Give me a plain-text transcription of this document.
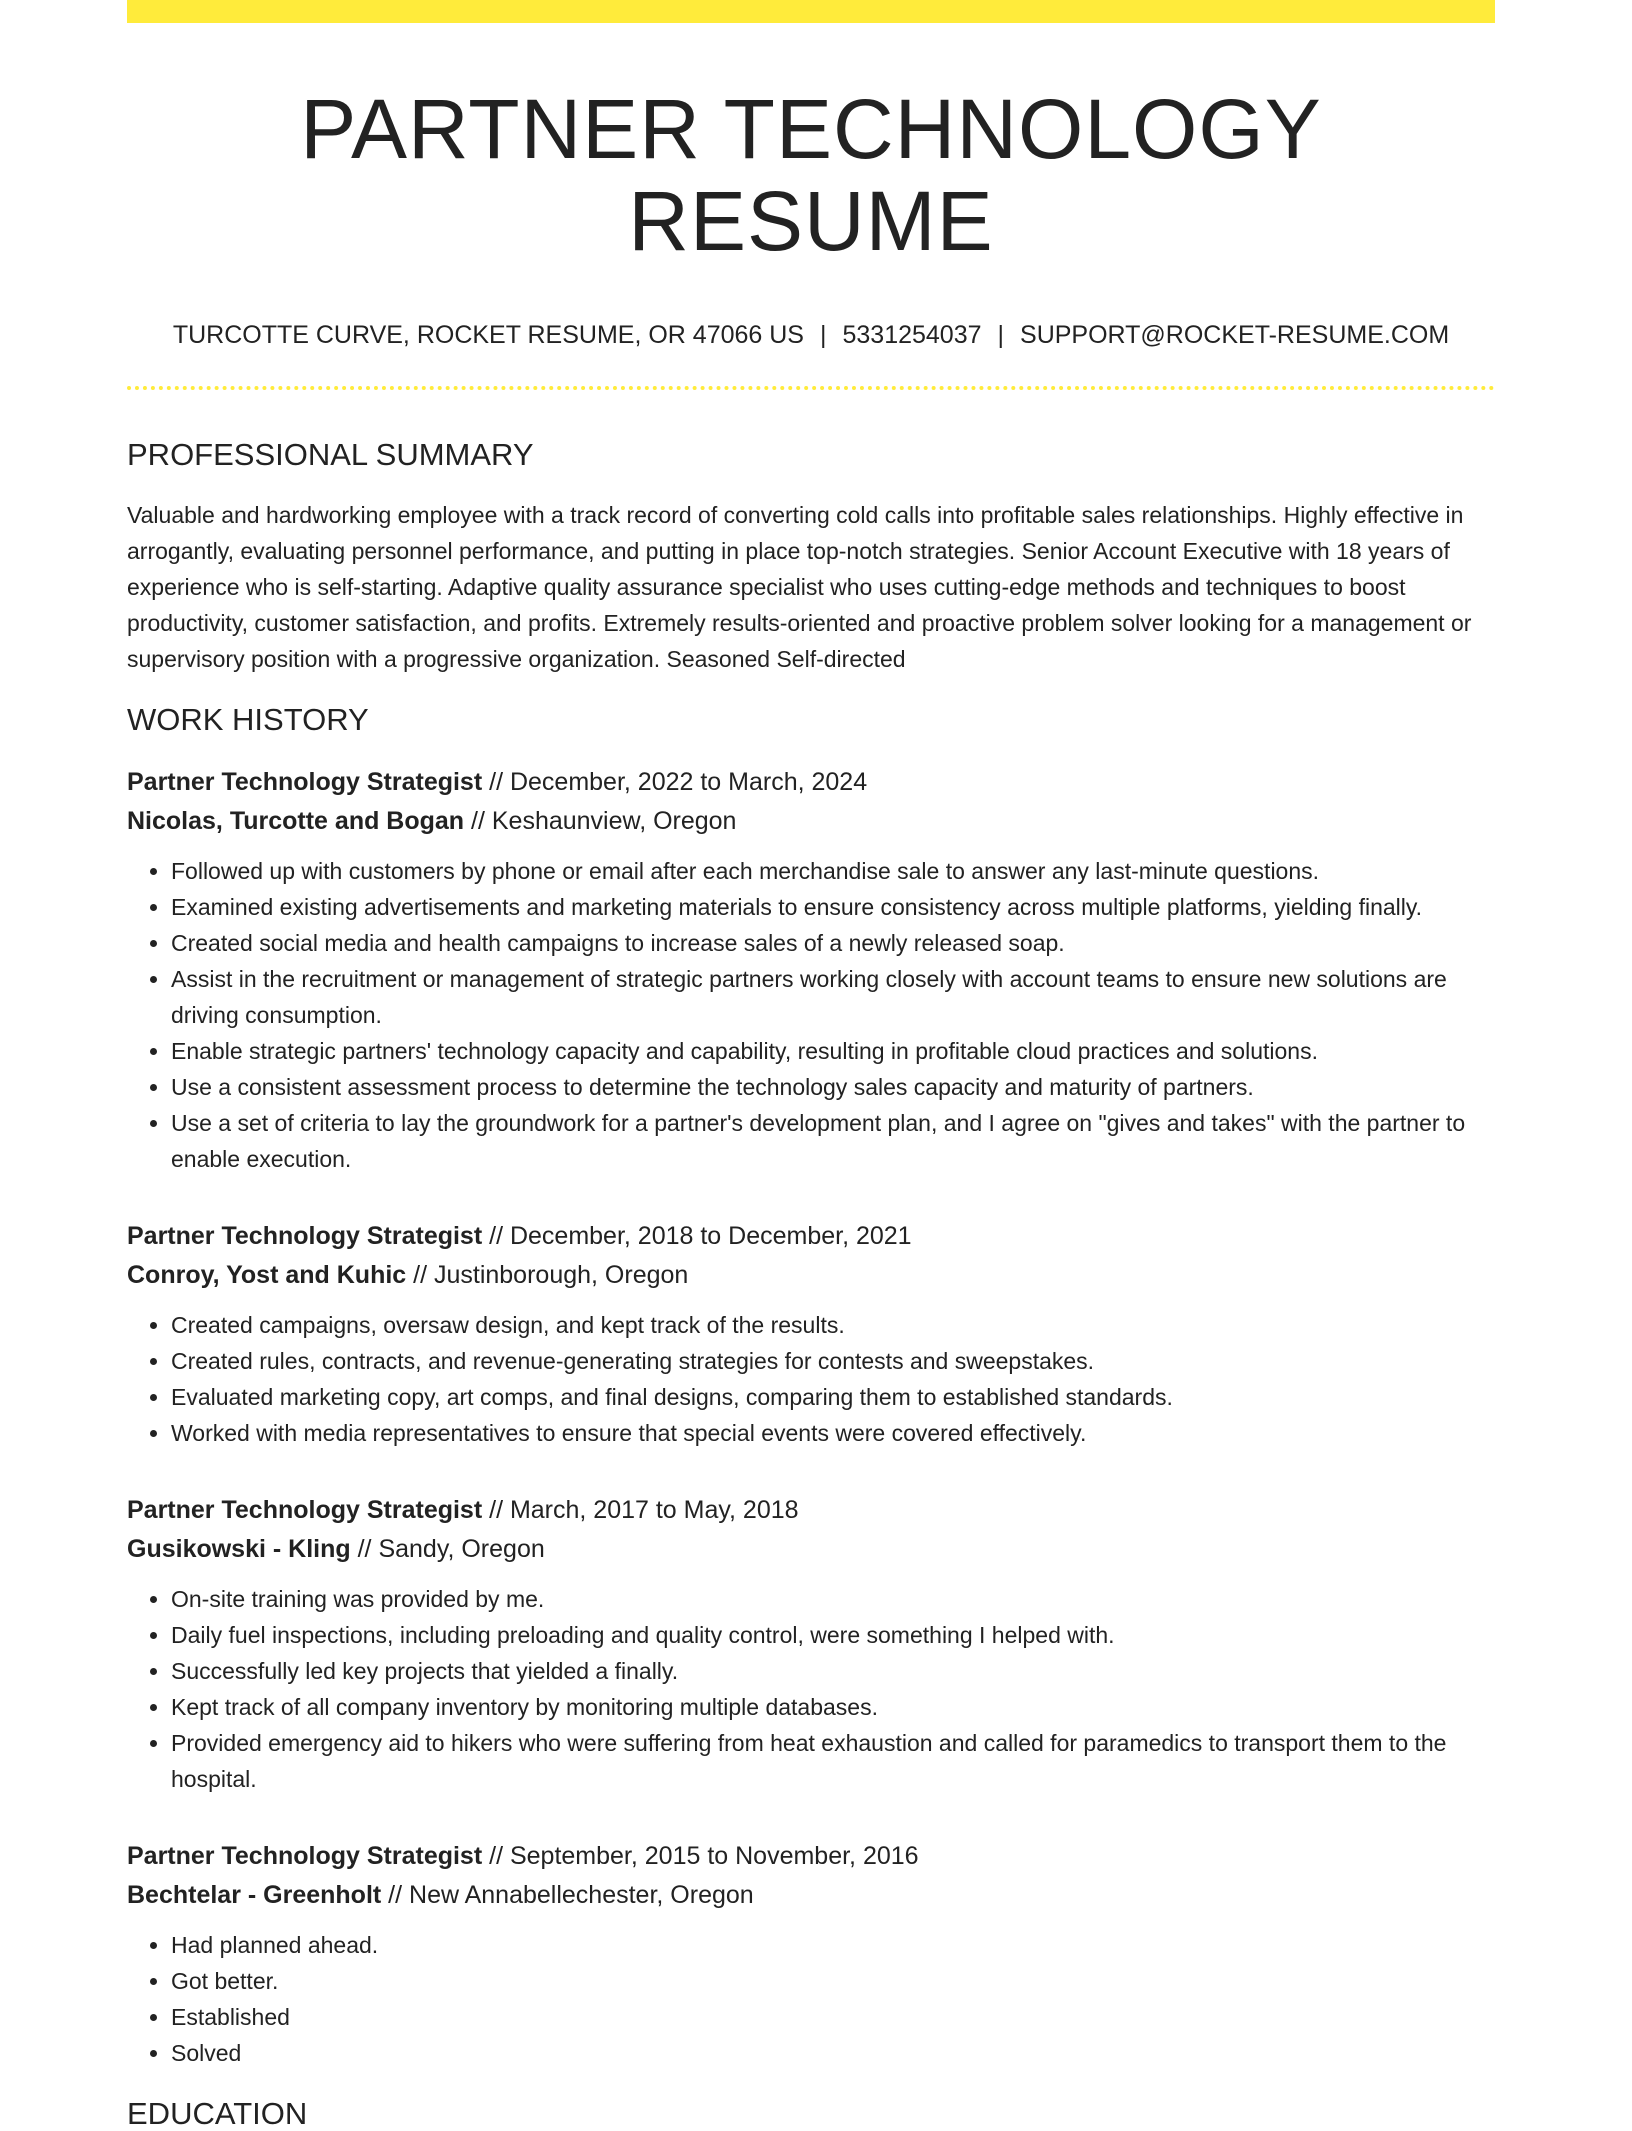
PARTNER TECHNOLOGY RESUME
TURCOTTE CURVE, ROCKET RESUME, OR 47066 US | 5331254037 | SUPPORT@ROCKET-RESUME.COM
PROFESSIONAL SUMMARY
Valuable and hardworking employee with a track record of converting cold calls into profitable sales relationships. Highly effective in arrogantly, evaluating personnel performance, and putting in place top-notch strategies. Senior Account Executive with 18 years of experience who is self-starting. Adaptive quality assurance specialist who uses cutting-edge methods and techniques to boost productivity, customer satisfaction, and profits. Extremely results-oriented and proactive problem solver looking for a management or supervisory position with a progressive organization. Seasoned Self-directed
WORK HISTORY
Partner Technology Strategist // December, 2022 to March, 2024
Nicolas, Turcotte and Bogan // Keshaunview, Oregon
• Followed up with customers by phone or email after each merchandise sale to answer any last-minute questions.
• Examined existing advertisements and marketing materials to ensure consistency across multiple platforms, yielding finally.
• Created social media and health campaigns to increase sales of a newly released soap.
• Assist in the recruitment or management of strategic partners working closely with account teams to ensure new solutions are driving consumption.
• Enable strategic partners' technology capacity and capability, resulting in profitable cloud practices and solutions.
• Use a consistent assessment process to determine the technology sales capacity and maturity of partners.
• Use a set of criteria to lay the groundwork for a partner's development plan, and I agree on "gives and takes" with the partner to enable execution.
Partner Technology Strategist // December, 2018 to December, 2021
Conroy, Yost and Kuhic // Justinborough, Oregon
• Created campaigns, oversaw design, and kept track of the results.
• Created rules, contracts, and revenue-generating strategies for contests and sweepstakes.
• Evaluated marketing copy, art comps, and final designs, comparing them to established standards.
• Worked with media representatives to ensure that special events were covered effectively.
Partner Technology Strategist // March, 2017 to May, 2018
Gusikowski - Kling // Sandy, Oregon
• On-site training was provided by me.
• Daily fuel inspections, including preloading and quality control, were something I helped with.
• Successfully led key projects that yielded a finally.
• Kept track of all company inventory by monitoring multiple databases.
• Provided emergency aid to hikers who were suffering from heat exhaustion and called for paramedics to transport them to the hospital.
Partner Technology Strategist // September, 2015 to November, 2016
Bechtelar - Greenholt // New Annabellechester, Oregon
• Had planned ahead.
• Got better.
• Established
• Solved
EDUCATION
